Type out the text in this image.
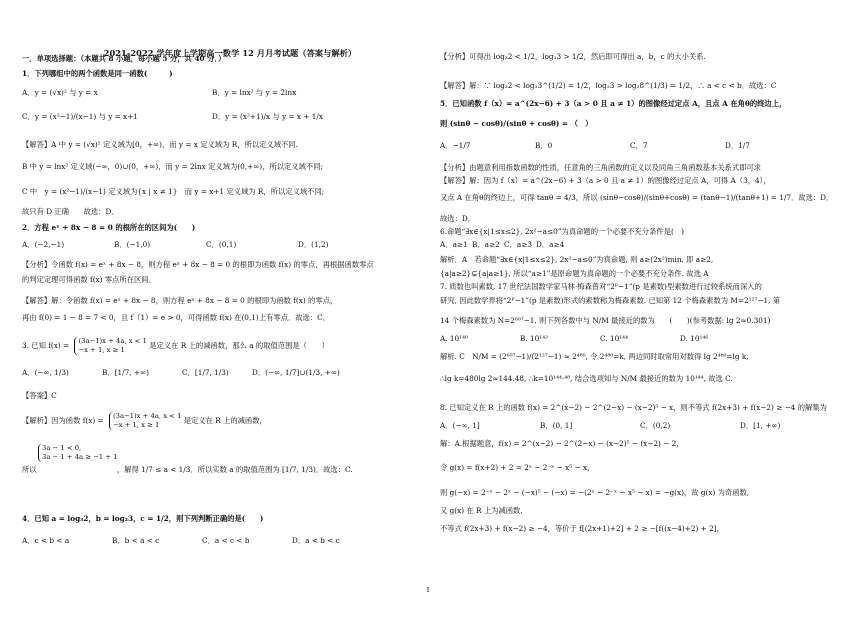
2021-2022 学年度上学期高一数学 12 月月考试题（答案与解析）
一．单项选择题：（本题共 8 小题，每小题 5 分，共 40 分．）
1．下列哪组中的两个函数是同一函数(　　　)
A．y = (√x)² 与 y = x	B．y = lnx² 与 y = 2lnx
C．y = (x²−1)/(x−1) 与 y = x+1	D．y = (x²+1)/x 与 y = x + 1/x
【解答】A 中 y = (√x)² 定义域为[0，+∞)，而 y = x 定义域为 R，所以定义域不同.
B 中 y = lnx² 定义域(−∞，0)∪(0，+∞)，而 y = 2lnx 定义域为(0,+∞)，所以定义域不同;
C 中　y = (x²−1)/(x−1) 定义域为{x | x ≠ 1}　而 y = x+1 定义域为 R，所以定义域不同;
故只有 D 正确　　故选：D．
2．方程 eˣ + 8x − 8 = 0 的根所在的区间为(　　)
A．(−2,−1)	B．(−1,0)	C．(0,1)	D．(1,2)
【分析】令函数 f(x) = eˣ + 8x − 8，则方程 eˣ + 8x − 8 = 0 的根即为函数 f(x) 的零点，再根据函数零点
的判定定理可得函数 f(x) 零点所在区间．
【解答】解：令函数 f(x) = eˣ + 8x − 8，则方程 eˣ + 8x − 8 = 0 的根即为函数 f(x) 的零点，
再由 f(0) = 1 − 8 = 7 < 0，且 f（1）= e > 0，可得函数 f(x) 在(0,1)上有零点．故选：C．
3. 已知 f(x) = (3a−1)x + 4a, x < 1
−x + 1, x ≥ 1	是定义在 R 上的减函数，那么 a 的取值范围是（　　）
A．(−∞, 1/3)	B．[1/7, +∞)	C．[1/7, 1/3)	D．(−∞, 1/7]∪(1/3, +∞)
【答案】C
【解析】因为函数 f(x) = (3a−1)x + 4a, x < 1
−x + 1, x ≥ 1	是定义在 R 上的减函数，
3a − 1 < 0,
3a − 1 + 4a ≥ −1 + 1
所以　　　　　　　　　　　，解得 1/7 ≤ a < 1/3．所以实数 a 的取值范围为 [1/7, 1/3)．故选：C.
4．已知 a = log₃2，b = log₂3，c = 1/2，则下列判断正确的是(　　)
A．c < b < a	B．b < a < c	C．a < c < b	D．a < b < c
【分析】可得出 log₃2 < 1/2，log₂3 > 1/2，然后即可得出 a，b，c 的大小关系.
【解答】解：∵ log₃2 < log₃3^(1/2) = 1/2，log₂3 > log₂8^(1/3) = 1/2，∴ a < c < b．故选：C
5．已知函数 f（x）= a^(2x−6) + 3（a > 0 且 a ≠ 1）的图像经过定点 A，且点 A 在角θ的终边上，
则 (sinθ − cosθ)/(sinθ + cosθ) = （　）
A．−1/7	B．0	C．7	D．1/7
【分析】由题意利用指数函数的性质，任意角的三角函数的定义以及同角三角函数基本关系式即可求
【解答】解：因为 f（x）= a^(2x−6) + 3（a > 0 且 a ≠ 1）的图像经过定点 A，可得 A（3，4），
又点 A 在角θ的终边上，可得 tanθ = 4/3，所以 (sinθ−cosθ)/(sinθ+cosθ) = (tanθ−1)/(tanθ+1) = 1/7．故选：D．
故选：D．
6.命题“∃x∈{x|1≤x≤2}, 2x²−a≤0”为真命题的一个必要不充分条件是(　)
A．a≥1 B．a≥2 C．a≥3 D．a≥4
解析．A　若命题“∃x∈{x|1≤x≤2}, 2x²−a≤0”为真命题, 则 a≥(2x²)min, 即 a≥2,
{a|a≥2}⊊{a|a≥1}, 所以“a≥1”是原命题为真命题的一个必要不充分条件. 故选 A
7. 质数也叫素数, 17 世纪法国数学家马林·梅森曾对“2ᴾ−1”(p 是素数)型素数进行过较系统而深入的
研究, 因此数学界将“2ᴾ−1”(p 是素数)形式的素数称为梅森素数. 已知第 12 个梅森素数为 M=2¹²⁷−1, 第
14 个梅森素数为 N=2⁶⁰⁷−1, 则下列各数中与 N/M 最接近的数为　　(　　)(参考数据: lg 2≈0.301)
A. 10¹⁴⁰	B. 10¹⁴²	C. 10¹⁴⁴	D. 10¹⁴⁶
解析. C　N/M = (2⁶⁰⁷−1)/(2¹²⁷−1) ≈ 2⁴⁸⁰, 令 2⁴⁸⁰=k, 两边同时取常用对数得 lg 2⁴⁸⁰=lg k,
∴lg k=480lg 2≈144.48, ∴k=10¹⁴⁴·⁴⁸, 结合选项知与 N/M 最接近的数为 10¹⁴⁴, 故选 C.
8. 已知定义在 R 上的函数 f(x) = 2^(x−2) − 2^(2−x) − (x−2)⁵ − x，则不等式 f(2x+3) + f(x−2) ≥ −4 的解集为
A．(−∞, 1]	B．(0, 1]	C．(0,2)	D．[1, +∞)
解：A.根据题意，f(x) = 2^(x−2) − 2^(2−x) − (x−2)⁵ − (x−2) − 2，
令 g(x) = f(x+2) + 2 = 2ˣ − 2⁻ˣ − x⁵ − x，
则 g(−x) = 2⁻ˣ − 2ˣ − (−x)⁵ − (−x) = −(2ˣ − 2⁻ˣ − x⁵ − x) = −g(x)，故 g(x) 为奇函数,
又 g(x) 在 R 上为减函数,
不等式 f(2x+3) + f(x−2) ≥ −4，等价于 f[(2x+1)+2] + 2 ≥ −[f((x−4)+2) + 2]，
1
